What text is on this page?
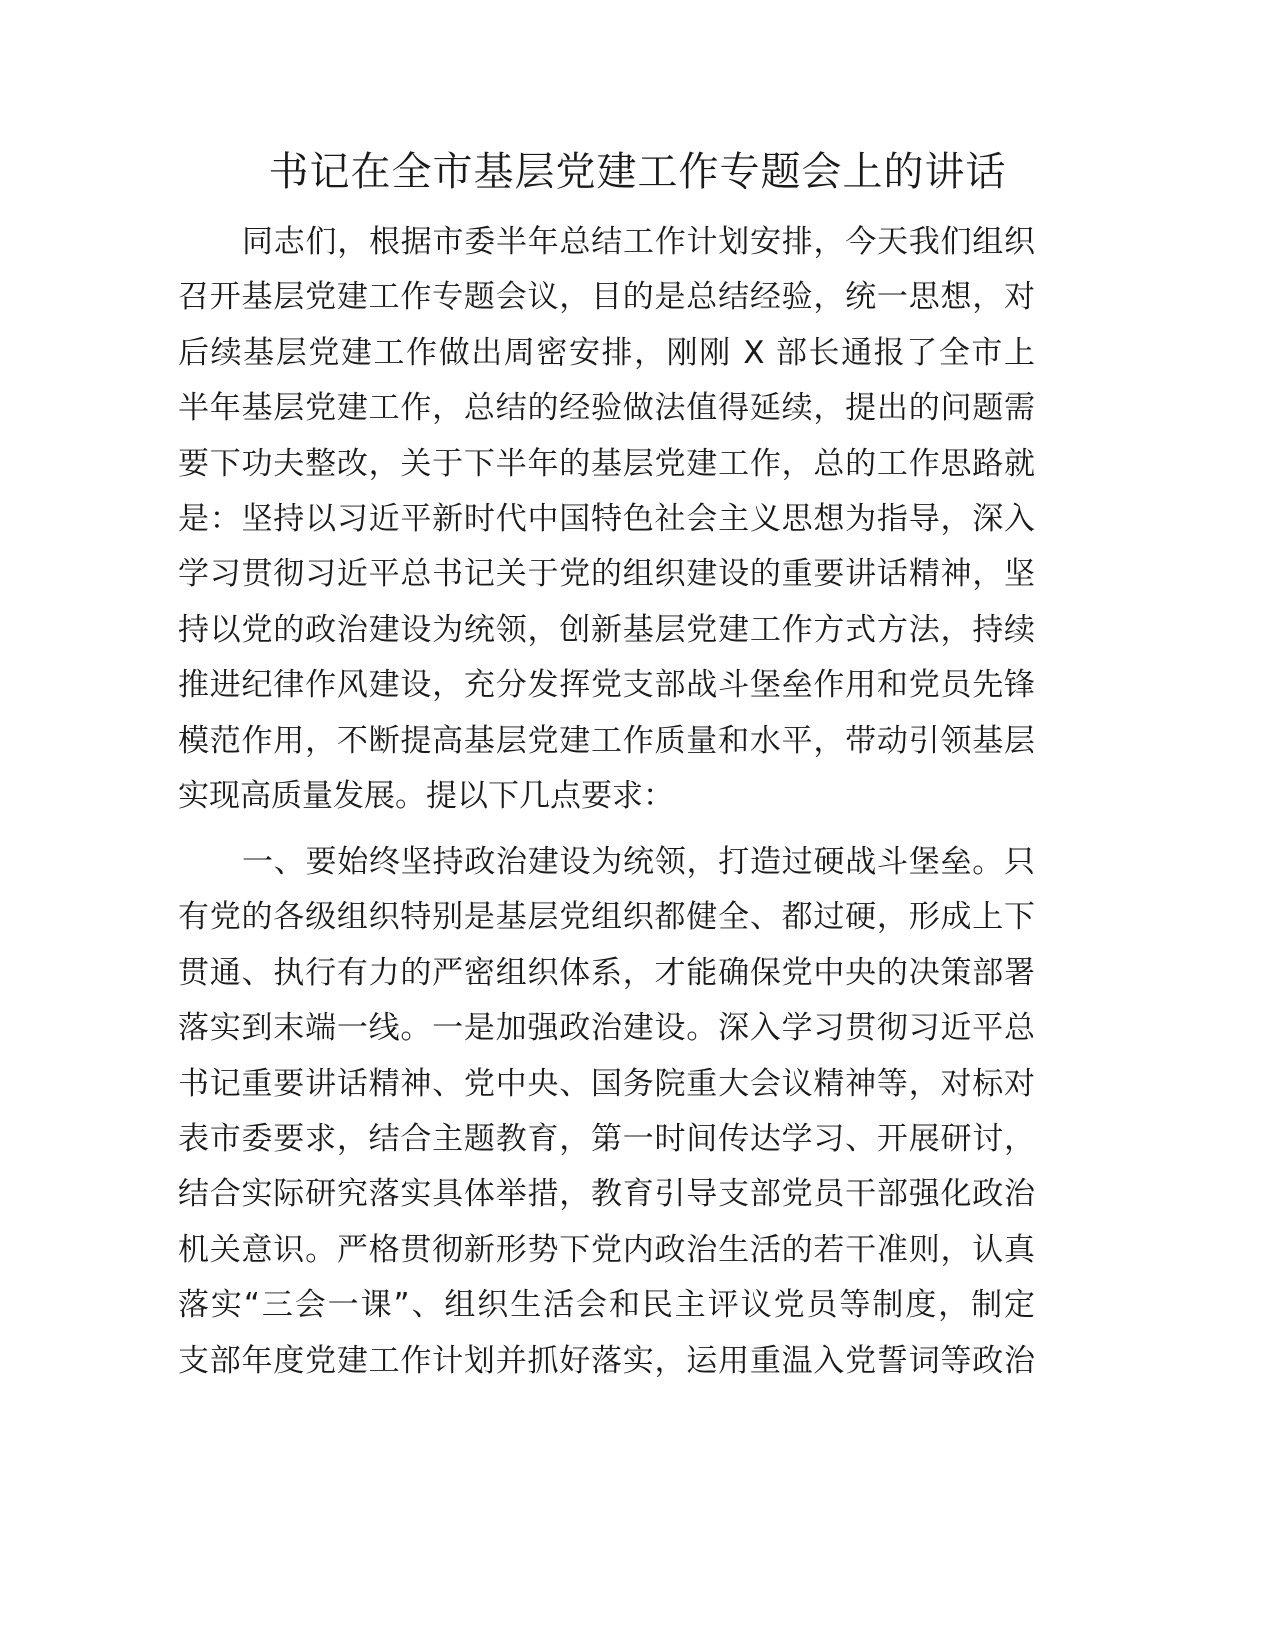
书记在全市基层党建工作专题会上的讲话
同志们，根据市委半年总结工作计划安排，今天我们组织
召开基层党建工作专题会议，目的是总结经验，统一思想，对
后续基层党建工作做出周密安排，刚刚 X 部长通报了全市上
半年基层党建工作，总结的经验做法值得延续，提出的问题需
要下功夫整改，关于下半年的基层党建工作，总的工作思路就
是：坚持以习近平新时代中国特色社会主义思想为指导，深入
学习贯彻习近平总书记关于党的组织建设的重要讲话精神，坚
持以党的政治建设为统领，创新基层党建工作方式方法，持续
推进纪律作风建设，充分发挥党支部战斗堡垒作用和党员先锋
模范作用，不断提高基层党建工作质量和水平，带动引领基层
实现高质量发展。提以下几点要求：
一、要始终坚持政治建设为统领，打造过硬战斗堡垒。只
有党的各级组织特别是基层党组织都健全、都过硬，形成上下
贯通、执行有力的严密组织体系，才能确保党中央的决策部署
落实到末端一线。一是加强政治建设。深入学习贯彻习近平总
书记重要讲话精神、党中央、国务院重大会议精神等，对标对
表市委要求，结合主题教育，第一时间传达学习、开展研讨，
结合实际研究落实具体举措，教育引导支部党员干部强化政治
机关意识。严格贯彻新形势下党内政治生活的若干准则，认真
落实“三会一课”、组织生活会和民主评议党员等制度，制定
支部年度党建工作计划并抓好落实，运用重温入党誓词等政治
